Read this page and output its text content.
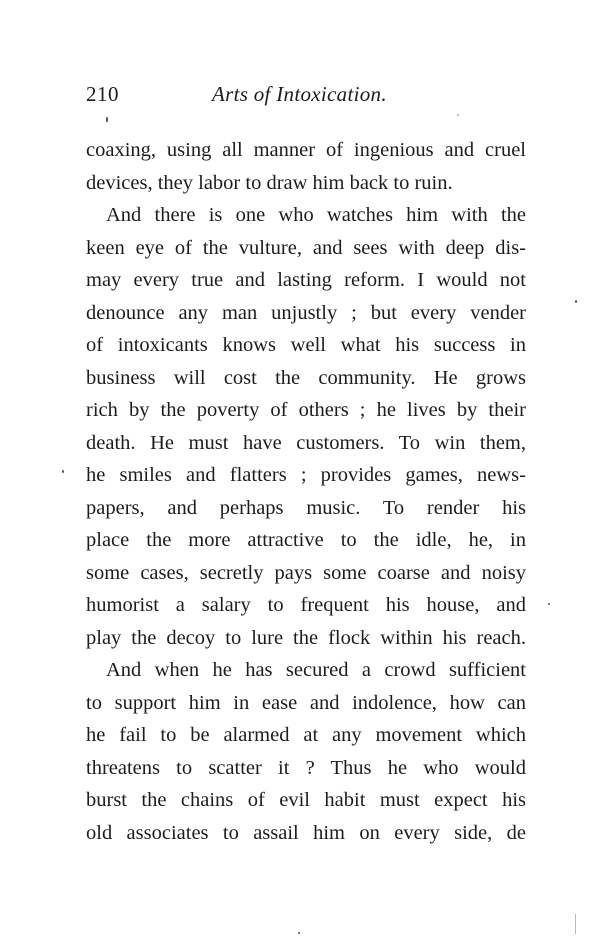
210	Arts of Intoxication.
coaxing, using all manner of ingenious and cruel
devices, they labor to draw him back to ruin.
And there is one who watches him with the
keen eye of the vulture, and sees with deep dis-
may every true and lasting reform. I would not
denounce any man unjustly ; but every vender
of intoxicants knows well what his success in
business will cost the community. He grows
rich by the poverty of others ; he lives by their
death. He must have customers. To win them,
he smiles and flatters ; provides games, news-
papers, and perhaps music. To render his
place the more attractive to the idle, he, in
some cases, secretly pays some coarse and noisy
humorist a salary to frequent his house, and
play the decoy to lure the flock within his reach.
And when he has secured a crowd sufficient
to support him in ease and indolence, how can
he fail to be alarmed at any movement which
threatens to scatter it ? Thus he who would
burst the chains of evil habit must expect his
old associates to assail him on every side, de
